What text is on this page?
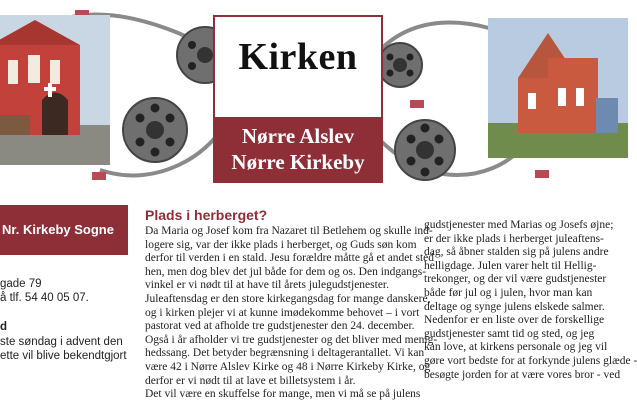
Kirken
Nørre Alslev
Nørre Kirkeby
Nr. Kirkeby Sogne
gade 79
å tlf. 54 40 05 07.
d
ste søndag i advent den
ette vil blive bekendtgjort
Plads i herberget?
Da Maria og Josef kom fra Nazaret til Betlehem og skulle ind-
logere sig, var der ikke plads i herberget, og Guds søn kom
derfor til verden i en stald. Jesu forældre måtte gå et andet sted
hen, men dog blev det jul både for dem og os. Den indgangs-
vinkel er vi nødt til at have til årets julegudstjenester.
Juleaftensdag er den store kirkegangsdag for mange danskere,
og i kirken plejer vi at kunne imødekomme behovet – i vort
pastorat ved at afholde tre gudstjenester den 24. december.
Også i år afholder vi tre gudstjenester og det bliver med menig-
hedssang. Det betyder begrænsning i deltagerantallet. Vi kan
være 42 i Nørre Alslev Kirke og 48 i Nørre Kirkeby Kirke, og
derfor er vi nødt til at lave et billetsystem i år.
Det vil være en skuffelse for mange, men vi må se på julens
gudstjenester med Marias og Josefs øjne;
er der ikke plads i herberget juleaftens-
dag, så åbner stalden sig på julens andre
helligdage. Julen varer helt til Hellig-
trekonger, og der vil være gudstjenester
både før jul og i julen, hvor man kan
deltage og synge julens elskede salmer.
Nedenfor er en liste over de forskellige
gudstjenester samt tid og sted, og jeg
kan love, at kirkens personale og jeg vil
gøre vort bedste for at forkynde julens glæde -
besøgte jorden for at være vores bror - ved
